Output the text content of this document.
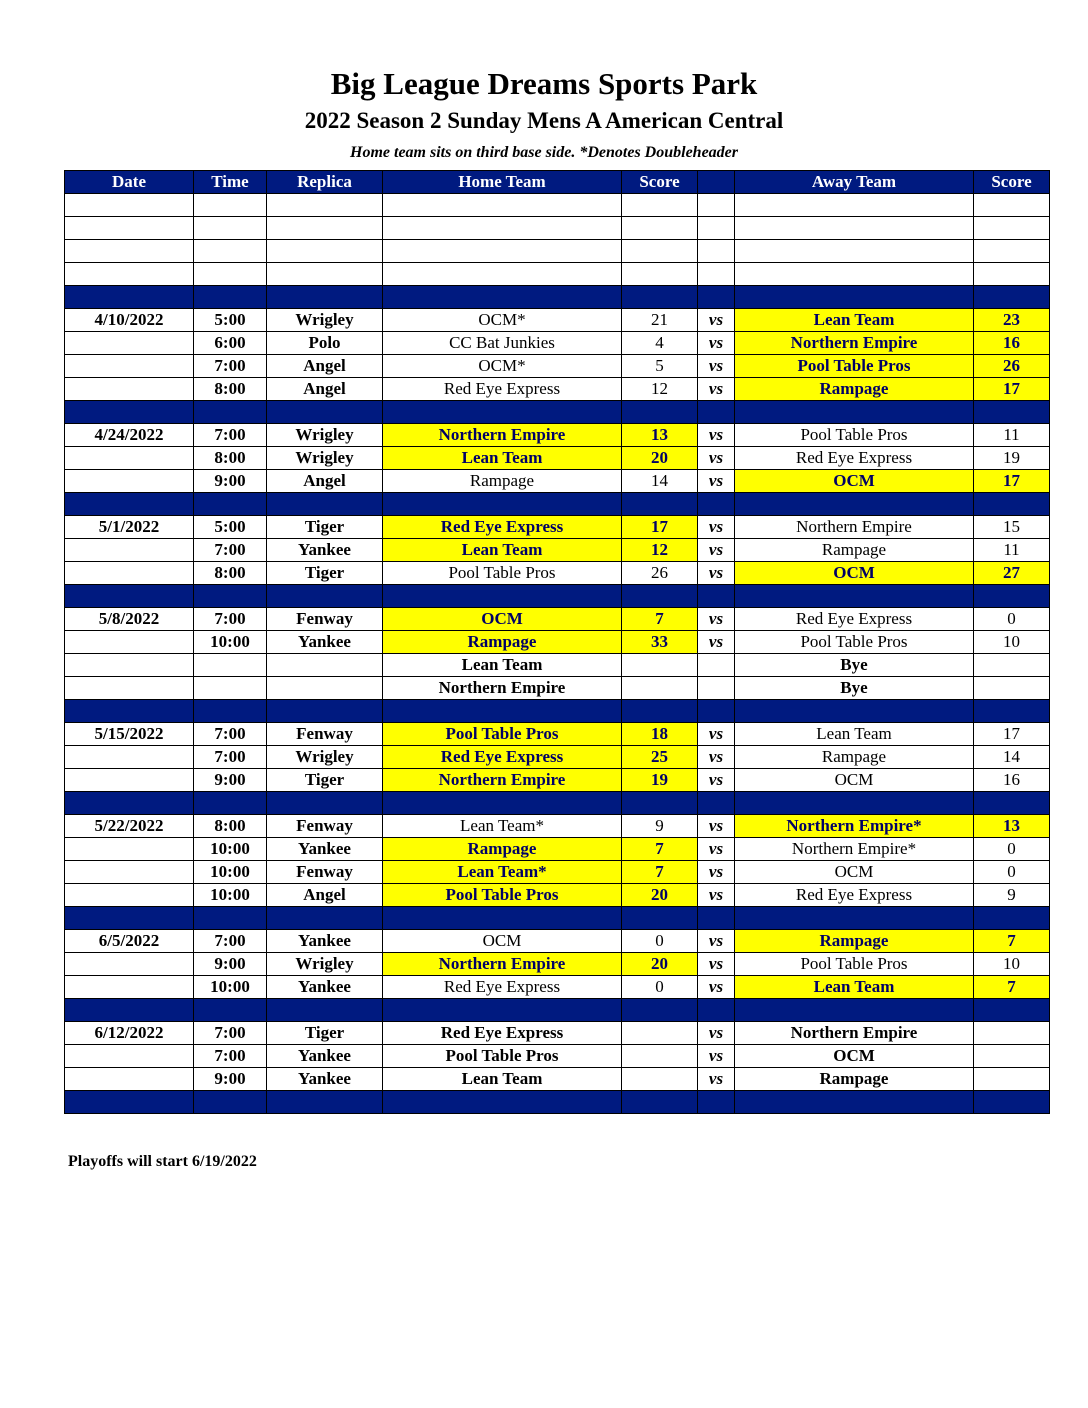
Big League Dreams Sports Park
2022 Season 2 Sunday Mens A American Central
Home team sits on third base side. *Denotes Doubleheader
Date	Time	Replica	Home Team	Score		Away Team	Score

4/10/2022	5:00	Wrigley	OCM*	21	vs	Lean Team	23
	6:00	Polo	CC Bat Junkies	4	vs	Northern Empire	16
	7:00	Angel	OCM*	5	vs	Pool Table Pros	26
	8:00	Angel	Red Eye Express	12	vs	Rampage	17

4/24/2022	7:00	Wrigley	Northern Empire	13	vs	Pool Table Pros	11
	8:00	Wrigley	Lean Team	20	vs	Red Eye Express	19
	9:00	Angel	Rampage	14	vs	OCM	17

5/1/2022	5:00	Tiger	Red Eye Express	17	vs	Northern Empire	15
	7:00	Yankee	Lean Team	12	vs	Rampage	11
	8:00	Tiger	Pool Table Pros	26	vs	OCM	27

5/8/2022	7:00	Fenway	OCM	7	vs	Red Eye Express	0
	10:00	Yankee	Rampage	33	vs	Pool Table Pros	10
			Lean Team			Bye	
			Northern Empire			Bye	

5/15/2022	7:00	Fenway	Pool Table Pros	18	vs	Lean Team	17
	7:00	Wrigley	Red Eye Express	25	vs	Rampage	14
	9:00	Tiger	Northern Empire	19	vs	OCM	16

5/22/2022	8:00	Fenway	Lean Team*	9	vs	Northern Empire*	13
	10:00	Yankee	Rampage	7	vs	Northern Empire*	0
	10:00	Fenway	Lean Team*	7	vs	OCM	0
	10:00	Angel	Pool Table Pros	20	vs	Red Eye Express	9

6/5/2022	7:00	Yankee	OCM	0	vs	Rampage	7
	9:00	Wrigley	Northern Empire	20	vs	Pool Table Pros	10
	10:00	Yankee	Red Eye Express	0	vs	Lean Team	7

6/12/2022	7:00	Tiger	Red Eye Express		vs	Northern Empire	
	7:00	Yankee	Pool Table Pros		vs	OCM	
	9:00	Yankee	Lean Team		vs	Rampage	

Playoffs will start 6/19/2022
